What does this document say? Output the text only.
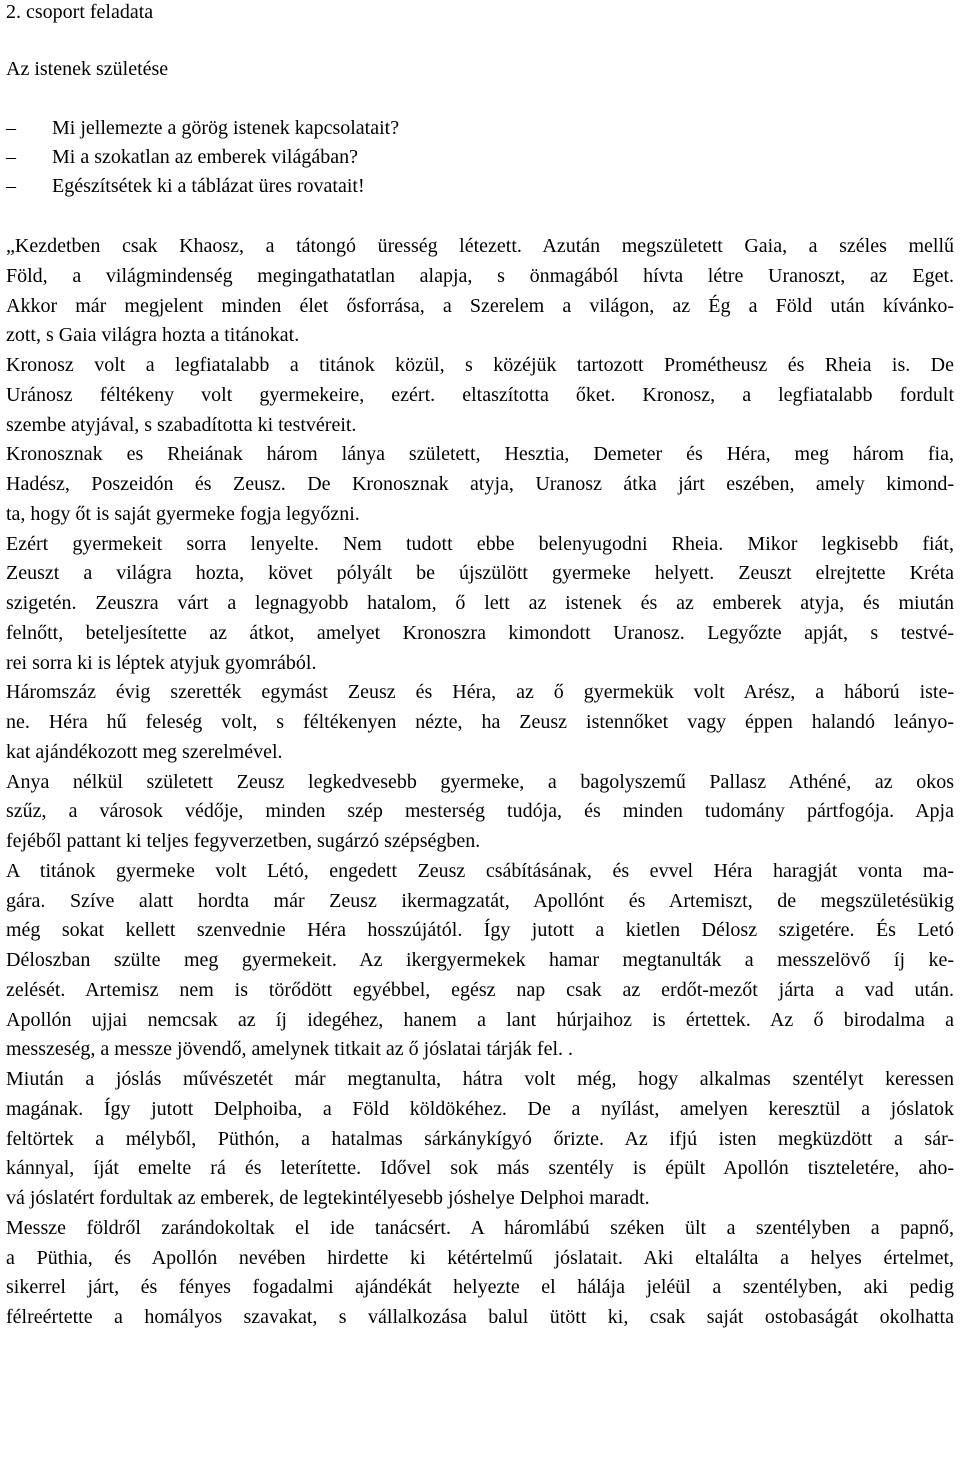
2. csoport feladata
Az istenek születése
– Mi jellemezte a görög istenek kapcsolatait?
– Mi a szokatlan az emberek világában?
– Egészítsétek ki a táblázat üres rovatait!
„Kezdetben csak Khaosz, a tátongó üresség létezett. Azután megszületett Gaia, a széles mellű
Föld, a világmindenség megingathatatlan alapja, s önmagából hívta létre Uranoszt, az Eget.
Akkor már megjelent minden élet ősforrása, a Szerelem a világon, az Ég a Föld után kívánko-
zott, s Gaia világra hozta a titánokat.
Kronosz volt a legfiatalabb a titánok közül, s közéjük tartozott Prométheusz és Rheia is. De
Uránosz féltékeny volt gyermekeire, ezért. eltaszította őket. Kronosz, a legfiatalabb fordult
szembe atyjával, s szabadította ki testvéreit.
Kronosznak es Rheiának három lánya született, Hesztia, Demeter és Héra, meg három fia,
Hadész, Poszeidón és Zeusz. De Kronosznak atyja, Uranosz átka járt eszében, amely kimond-
ta, hogy őt is saját gyermeke fogja legyőzni.
Ezért gyermekeit sorra lenyelte. Nem tudott ebbe belenyugodni Rheia. Mikor legkisebb fiát,
Zeuszt a világra hozta, követ pólyált be újszülött gyermeke helyett. Zeuszt elrejtette Kréta
szigetén. Zeuszra várt a legnagyobb hatalom, ő lett az istenek és az emberek atyja, és miután
felnőtt, beteljesítette az átkot, amelyet Kronoszra kimondott Uranosz. Legyőzte apját, s testvé-
rei sorra ki is léptek atyjuk gyomrából.
Háromszáz évig szerették egymást Zeusz és Héra, az ő gyermekük volt Arész, a háború iste-
ne. Héra hű feleség volt, s féltékenyen nézte, ha Zeusz istennőket vagy éppen halandó leányo-
kat ajándékozott meg szerelmével.
Anya nélkül született Zeusz legkedvesebb gyermeke, a bagolyszemű Pallasz Athéné, az okos
szűz, a városok védője, minden szép mesterség tudója, és minden tudomány pártfogója. Apja
fejéből pattant ki teljes fegyverzetben, sugárzó szépségben.
A titánok gyermeke volt Létó, engedett Zeusz csábításának, és evvel Héra haragját vonta ma-
gára. Szíve alatt hordta már Zeusz ikermagzatát, Apollónt és Artemiszt, de megszületésükig
még sokat kellett szenvednie Héra hosszújától. Így jutott a kietlen Délosz szigetére. És Letó
Déloszban szülte meg gyermekeit. Az ikergyermekek hamar megtanulták a messzelövő íj ke-
zelését. Artemisz nem is törődött egyébbel, egész nap csak az erdőt-mezőt járta a vad után.
Apollón ujjai nemcsak az íj idegéhez, hanem a lant húrjaihoz is értettek. Az ő birodalma a
messzeség, a messze jövendő, amelynek titkait az ő jóslatai tárják fel. .
Miután a jóslás művészetét már megtanulta, hátra volt még, hogy alkalmas szentélyt keressen
magának. Így jutott Delphoiba, a Föld köldökéhez. De a nyílást, amelyen keresztül a jóslatok
feltörtek a mélyből, Püthón, a hatalmas sárkánykígyó őrizte. Az ifjú isten megküzdött a sár-
kánnyal, íját emelte rá és leterítette. Idővel sok más szentély is épült Apollón tiszteletére, aho-
vá jóslatért fordultak az emberek, de legtekintélyesebb jóshelye Delphoi maradt.
Messze földről zarándokoltak el ide tanácsért. A háromlábú széken ült a szentélyben a papnő,
a Püthia, és Apollón nevében hirdette ki kétértelmű jóslatait. Aki eltalálta a helyes értelmet,
sikerrel járt, és fényes fogadalmi ajándékát helyezte el hálája jeléül a szentélyben, aki pedig
félreértette a homályos szavakat, s vállalkozása balul ütött ki, csak saját ostobaságát okolhatta
